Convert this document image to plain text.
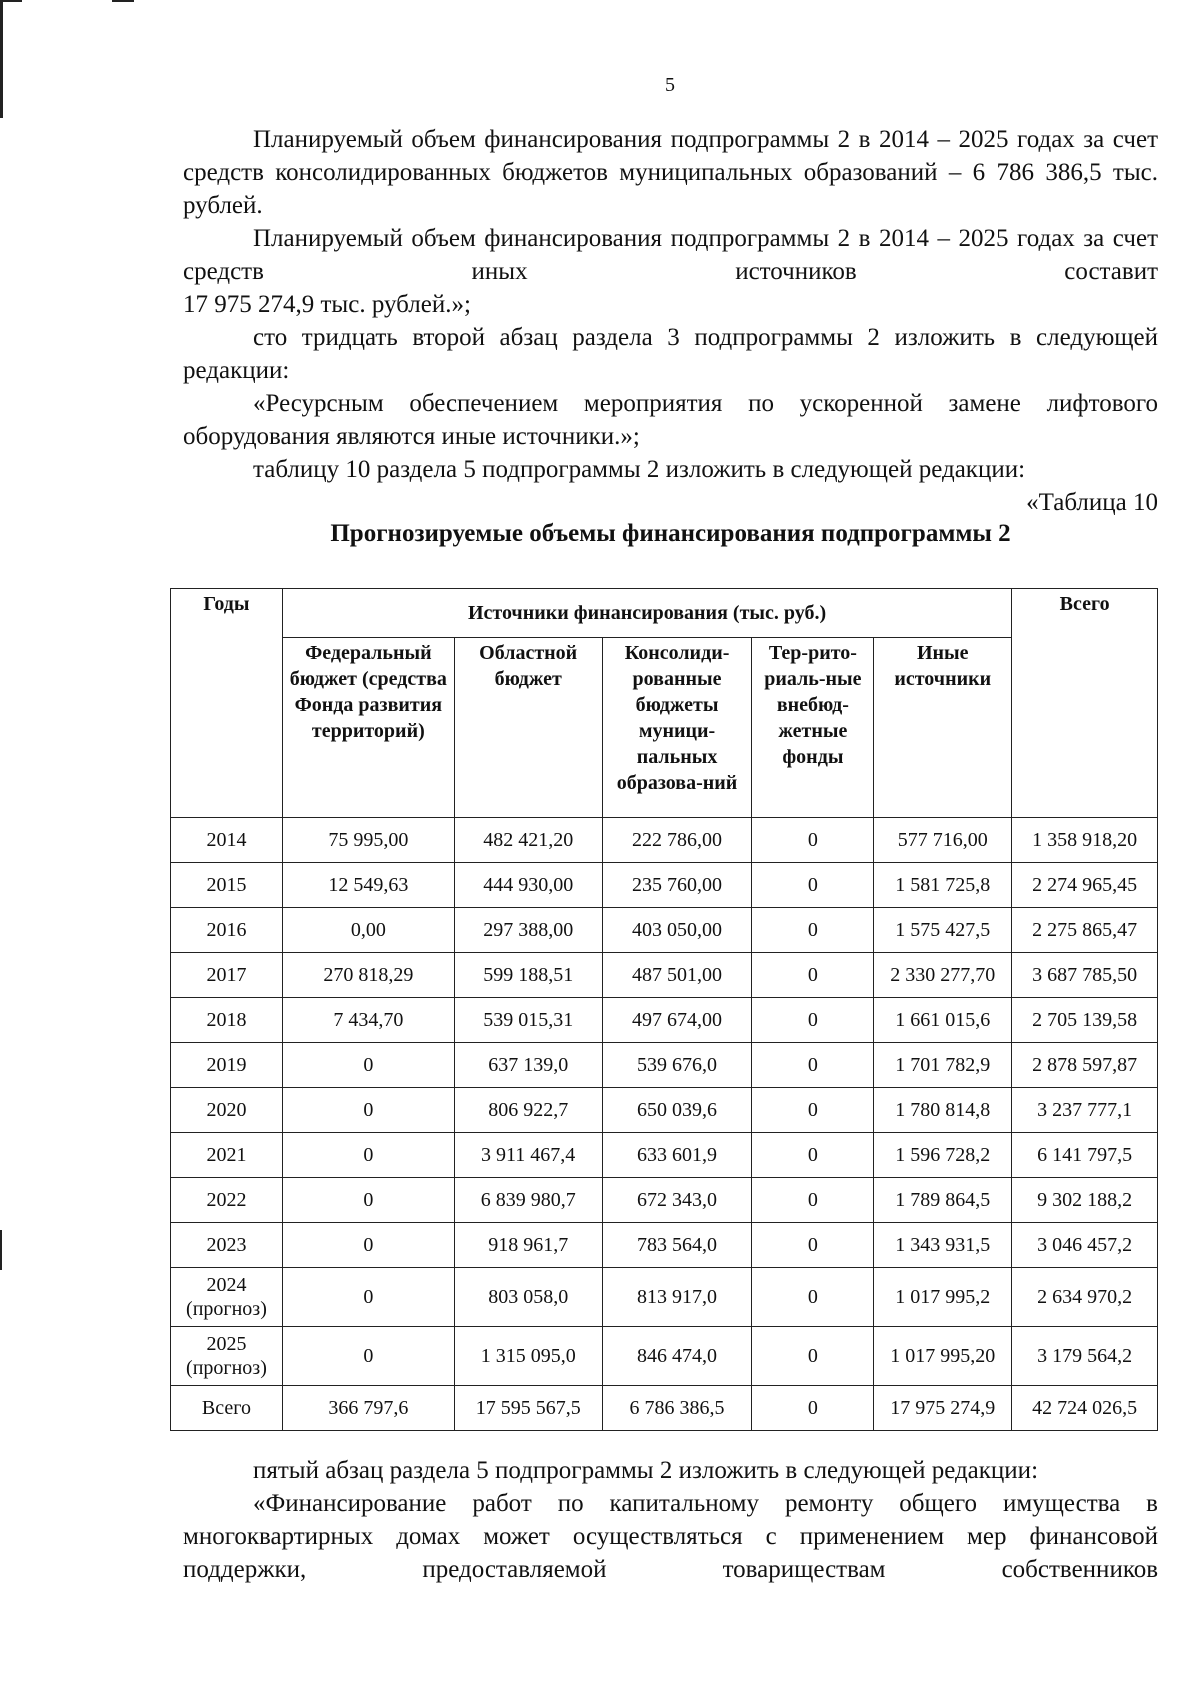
5

Планируемый объем финансирования подпрограммы 2 в 2014 – 2025 годах за счет средств консолидированных бюджетов муниципальных образований – 6 786 386,5 тыс. рублей.

Планируемый объем финансирования подпрограммы 2 в 2014 – 2025 годах за счет средств иных источников составит

17 975 274,9 тыс. рублей.»;

сто тридцать второй абзац раздела 3 подпрограммы 2 изложить в следующей редакции:

«Ресурсным обеспечением мероприятия по ускоренной замене лифтового оборудования являются иные источники.»;

таблицу 10 раздела 5 подпрограммы 2 изложить в следующей редакции:

«Таблица 10

Прогнозируемые объемы финансирования подпрограммы 2
Годы	Источники финансирования (тыс. руб.)					Всего
	Федеральный бюджет (средства Фонда развития территорий)	Областной бюджет	Консолиди-рованные бюджеты муници-пальных образова-ний	Тер-рито-риаль-ные внебюд-жетные фонды	Иные источники	
2014	75 995,00	482 421,20	222 786,00	0	577 716,00	1 358 918,20
2015	12 549,63	444 930,00	235 760,00	0	1 581 725,8	2 274 965,45
2016	0,00	297 388,00	403 050,00	0	1 575 427,5	2 275 865,47
2017	270 818,29	599 188,51	487 501,00	0	2 330 277,70	3 687 785,50
2018	7 434,70	539 015,31	497 674,00	0	1 661 015,6	2 705 139,58
2019	0	637 139,0	539 676,0	0	1 701 782,9	2 878 597,87
2020	0	806 922,7	650 039,6	0	1 780 814,8	3 237 777,1
2021	0	3 911 467,4	633 601,9	0	1 596 728,2	6 141 797,5
2022	0	6 839 980,7	672 343,0	0	1 789 864,5	9 302 188,2
2023	0	918 961,7	783 564,0	0	1 343 931,5	3 046 457,2
2024
(прогноз)	0	803 058,0	813 917,0	0	1 017 995,2	2 634 970,2
2025
(прогноз)	0	1 315 095,0	846 474,0	0	1 017 995,20	3 179 564,2
Всего	366 797,6	17 595 567,5	6 786 386,5	0	17 975 274,9	42 724 026,5

пятый абзац раздела 5 подпрограммы 2 изложить в следующей редакции:

«Финансирование работ по капитальному ремонту общего имущества в многоквартирных домах может осуществляться с применением мер финансовой поддержки, предоставляемой товариществам собственников
